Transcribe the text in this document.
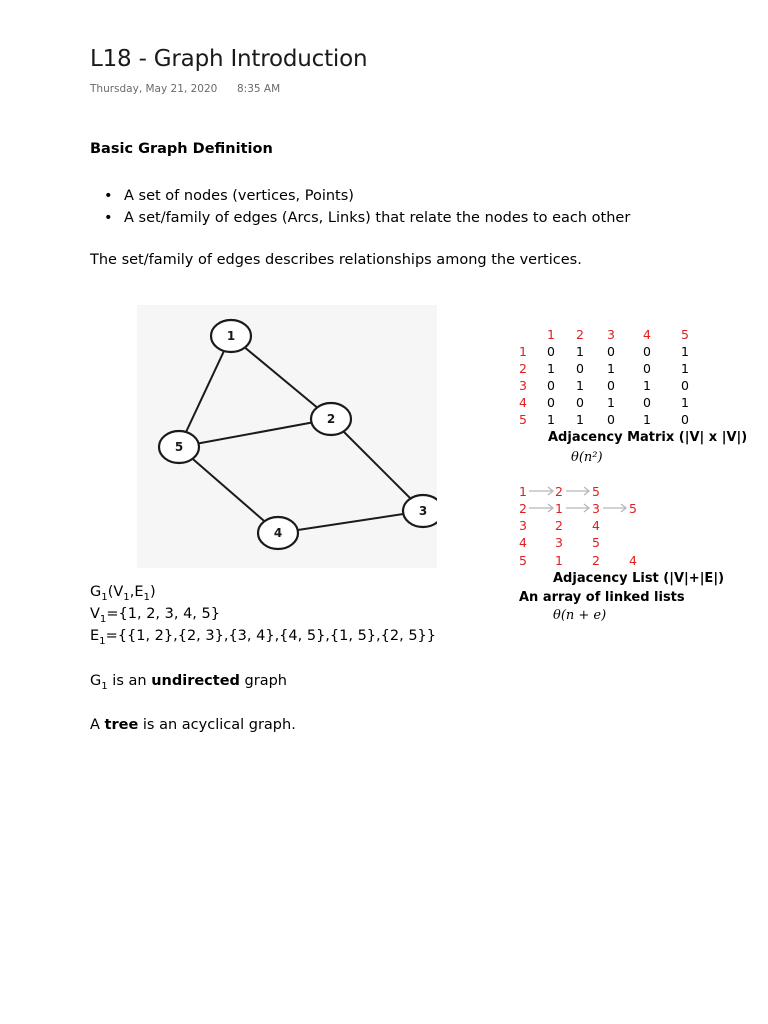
L18 - Graph Introduction
Thursday, May 21, 2020 8:35 AM
Basic Graph Definition
• A set of nodes (vertices, Points)
• A set/family of edges (Arcs, Links) that relate the nodes to each other
The set/family of edges describes relationships among the vertices.
1
2
3
4
5
1 2 3 4 5
1 0 1 0 0 1
2 1 0 1 0 1
3 0 1 0 1 0
4 0 0 1 0 1
5 1 1 0 1 0
Adjacency Matrix (|V| x |V|)
θ(n²)
1 2 5
2 1 3 5
3 2 4
4 3 5
5 1 2 4
Adjacency List (|V|+|E|)
An array of linked lists
θ(n + e)
$G_1(V_1,E_1)$
$V_1=\{1$, 2, 3, 4, 5}
$E_1=\{\{1$, 2},{2, 3},{3, 4},{4, 5},{1, 5},{2, 5}}
$G_1$ is an undirected graph
A tree is an acyclical graph.
